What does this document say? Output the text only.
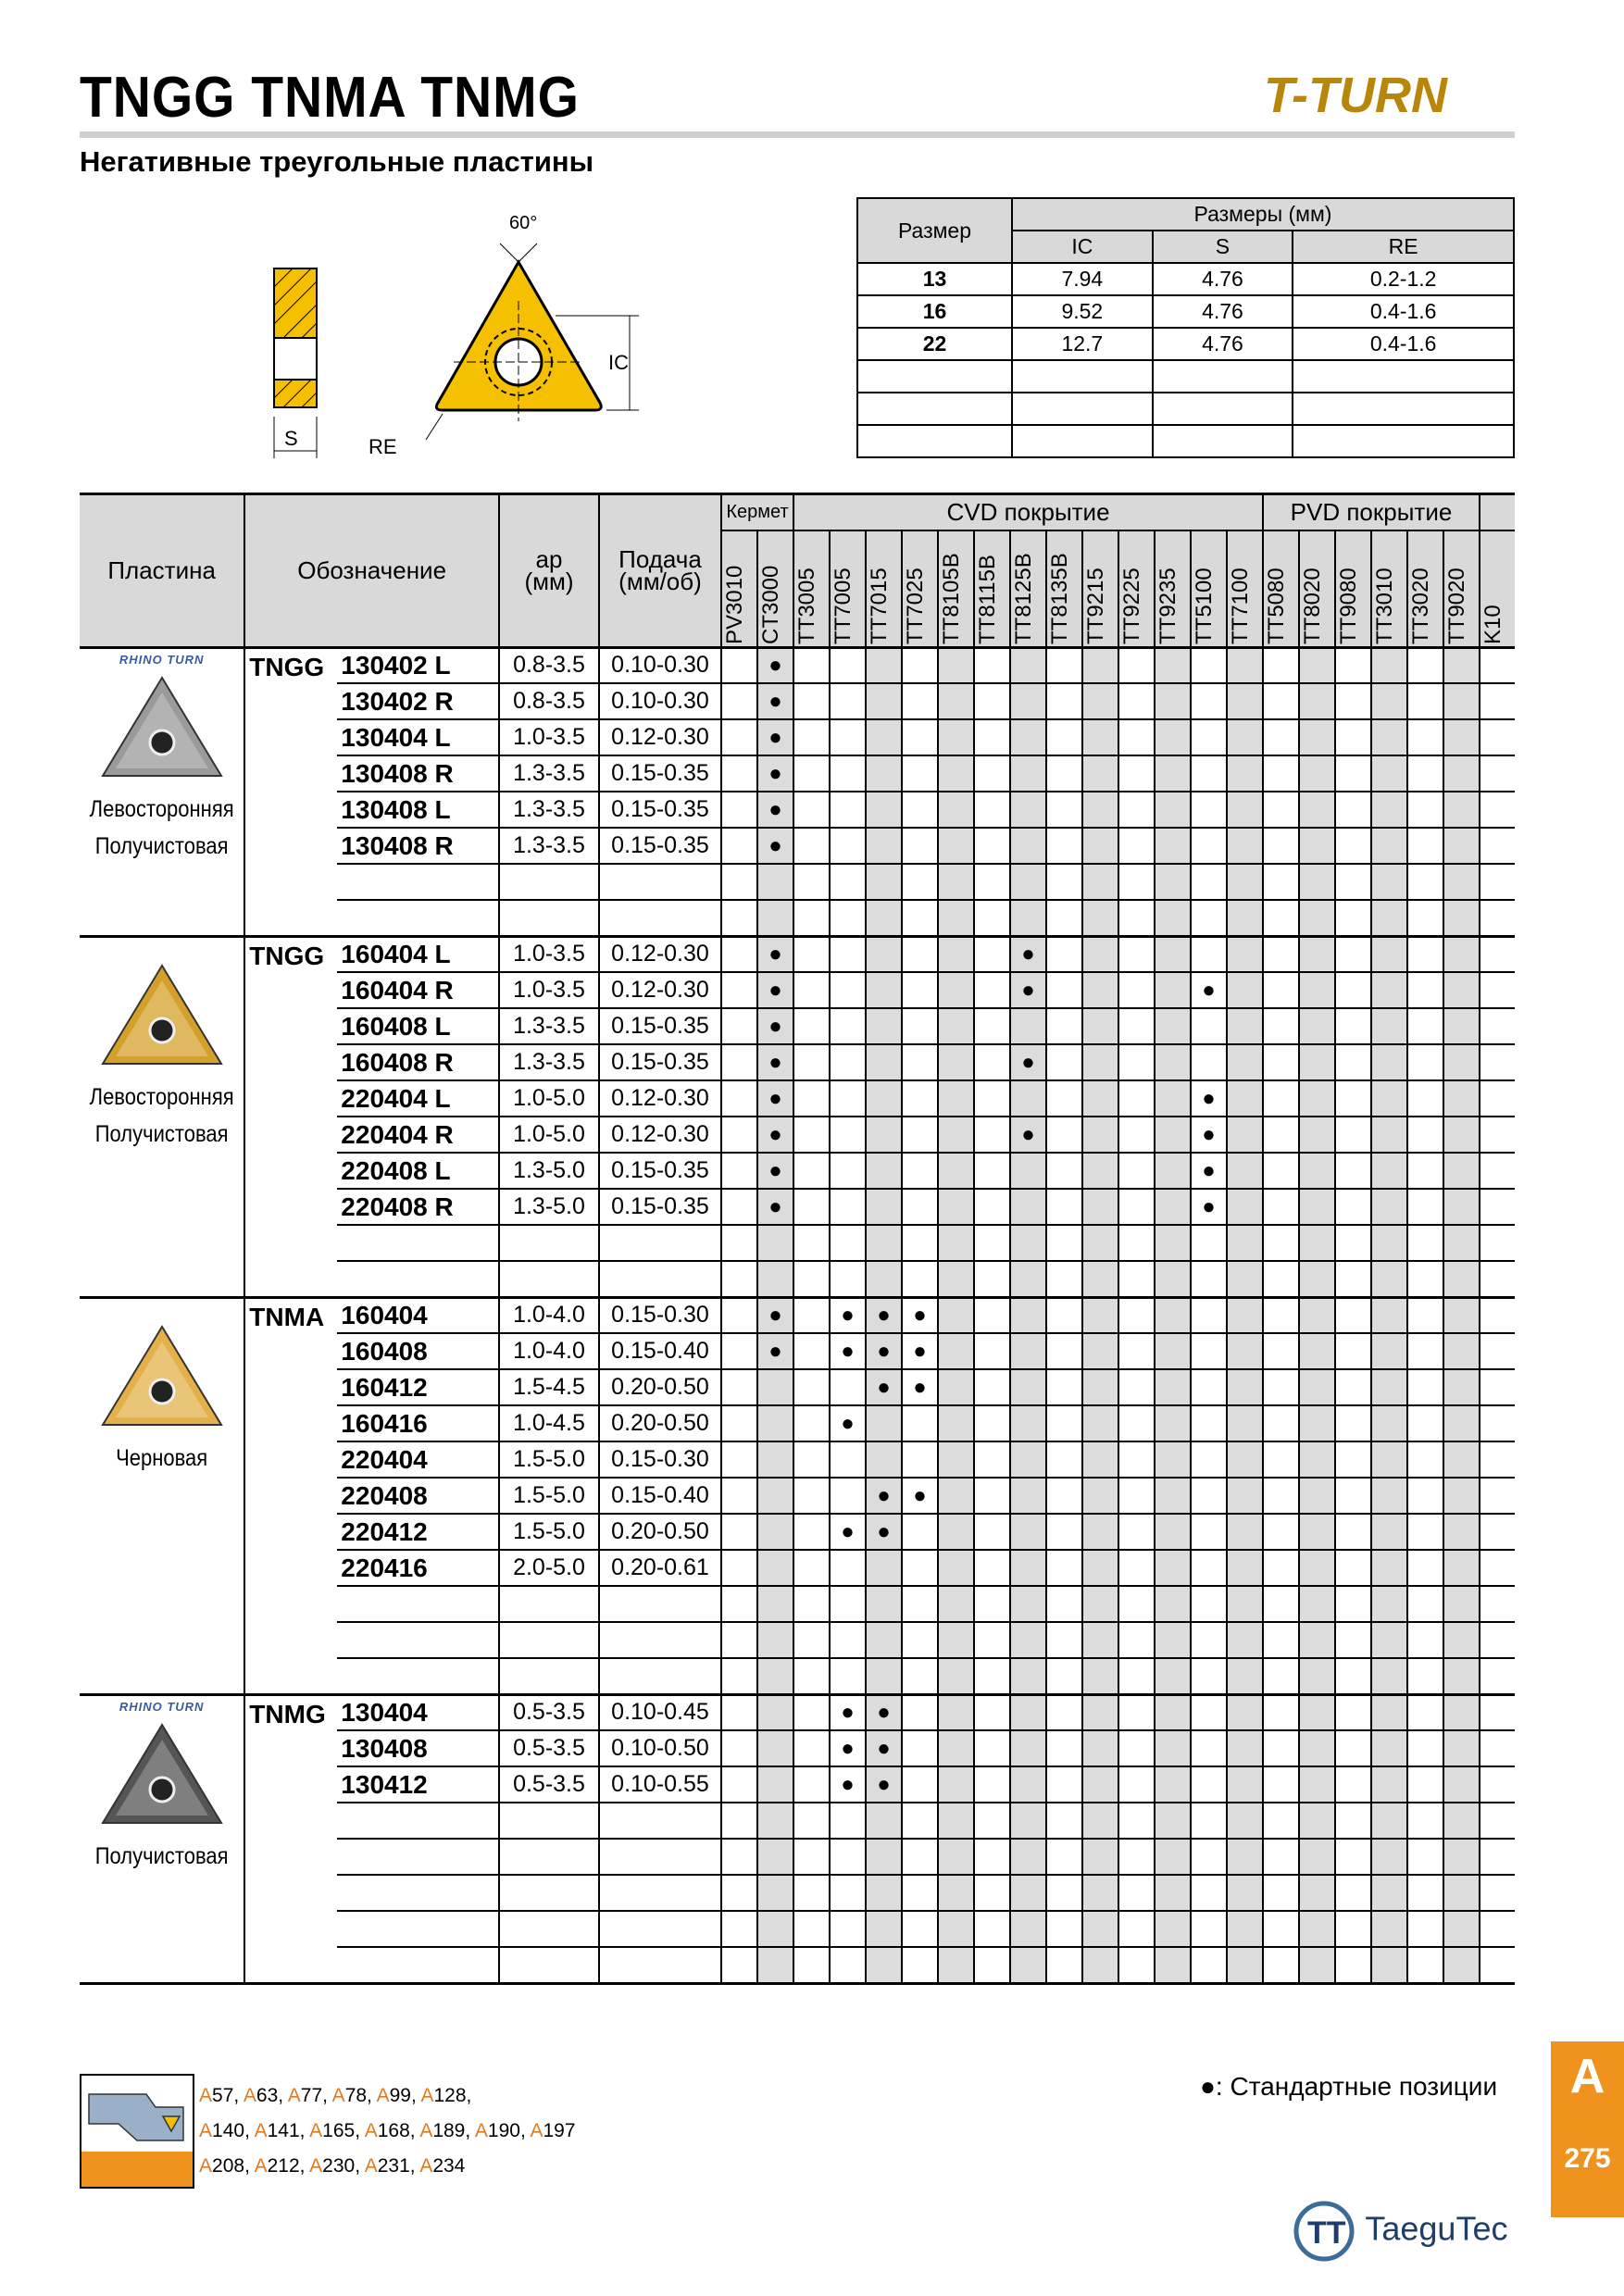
TNGG TNMA TNMG	T-TURN
Негативные треугольные пластины
S
60°
IC
RE
Размер	Размеры (мм)		
	IC	S	RE
13	7.94	4.76	0.2-1.2
16	9.52	4.76	0.4-1.6
22	12.7	4.76	0.4-1.6

Пластина	Обозначение		ap
(мм)	Подача
(мм/об)	Кермет		CVD покрытие													PVD покрытие						

					PV3010	CT3000	TT3005	TT7005	TT7015	TT7025	TT8105B	TT8115B	TT8125B	TT8135B	TT9215	TT9225	TT9235	TT5100	TT7100	TT5080	TT8020	TT9080	TT3010	TT3020	TT9020	K10

RHINO TURN
Левосторонняя
Получистовая	TNGG	130402 L	0.8-3.5	0.10-0.30		●																				
		130402 R	0.8-3.5	0.10-0.30		●																				
		130404 L	1.0-3.5	0.12-0.30		●																				
		130408 R	1.3-3.5	0.15-0.35		●																				
		130408 L	1.3-3.5	0.15-0.35		●																				
		130408 R	1.3-3.5	0.15-0.35		●																				

Левосторонняя
Получистовая	TNGG	160404 L	1.0-3.5	0.12-0.30		●							●													
		160404 R	1.0-3.5	0.12-0.30		●							●					●								
		160408 L	1.3-3.5	0.15-0.35		●																				
		160408 R	1.3-3.5	0.15-0.35		●							●													
		220404 L	1.0-5.0	0.12-0.30		●												●								
		220404 R	1.0-5.0	0.12-0.30		●							●					●								
		220408 L	1.3-5.0	0.15-0.35		●												●								
		220408 R	1.3-5.0	0.15-0.35		●												●								

Черновая	TNMA	160404	1.0-4.0	0.15-0.30		●		●	●	●																
		160408	1.0-4.0	0.15-0.40		●		●	●	●																
		160412	1.5-4.5	0.20-0.50					●	●																
		160416	1.0-4.5	0.20-0.50				●																		
		220404	1.5-5.0	0.15-0.30																						
		220408	1.5-5.0	0.15-0.40					●	●																
		220412	1.5-5.0	0.20-0.50				●	●																	
		220416	2.0-5.0	0.20-0.61																						

RHINO TURN
Получистовая	TNMG	130404	0.5-3.5	0.10-0.45				●	●																	
		130408	0.5-3.5	0.10-0.50				●	●																	
		130412	0.5-3.5	0.10-0.55				●	●																	

●: Стандартные позиции
A57, A63, A77, A78, A99, A128,
A140, A141, A165, A168, A189, A190, A197
A208, A212, A230, A231, A234
A
275
TT TaeguTec
